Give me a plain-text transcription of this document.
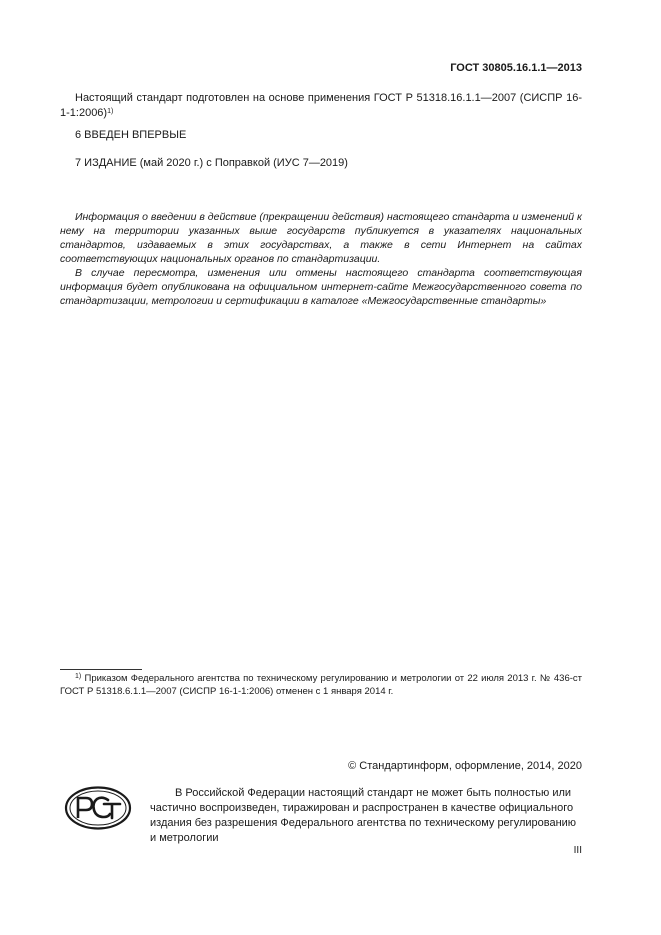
ГОСТ 30805.16.1.1—2013
Настоящий стандарт подготовлен на основе применения ГОСТ Р 51318.16.1.1—2007 (СИСПР 16-1-1:2006)$^{1)}$
6 ВВЕДЕН ВПЕРВЫЕ
7 ИЗДАНИЕ (май 2020 г.) с Поправкой (ИУС 7—2019)

Информация о введении в действие (прекращении действия) настоящего стандарта и изменений к нему на территории указанных выше государств публикуется в указателях национальных стандартов, издаваемых в этих государствах, а также в сети Интернет на сайтах соответствующих национальных органов по стандартизации.

В случае пересмотра, изменения или отмены настоящего стандарта соответствующая информация будет опубликована на официальном интернет-сайте Межгосударственного совета по стандартизации, метрологии и сертификации в каталоге «Межгосударственные стандарты»

$^{1)}$ Приказом Федерального агентства по техническому регулированию и метрологии от 22 июля 2013 г. № 436-ст ГОСТ Р 51318.6.1.1—2007 (СИСПР 16-1-1:2006) отменен с 1 января 2014 г.
© Стандартинформ, оформление, 2014, 2020
В Российской Федерации настоящий стандарт не может быть полностью или частично воспроизведен, тиражирован и распространен в качестве официального издания без разрешения Федерального агентства по техническому регулированию и метрологии
III
